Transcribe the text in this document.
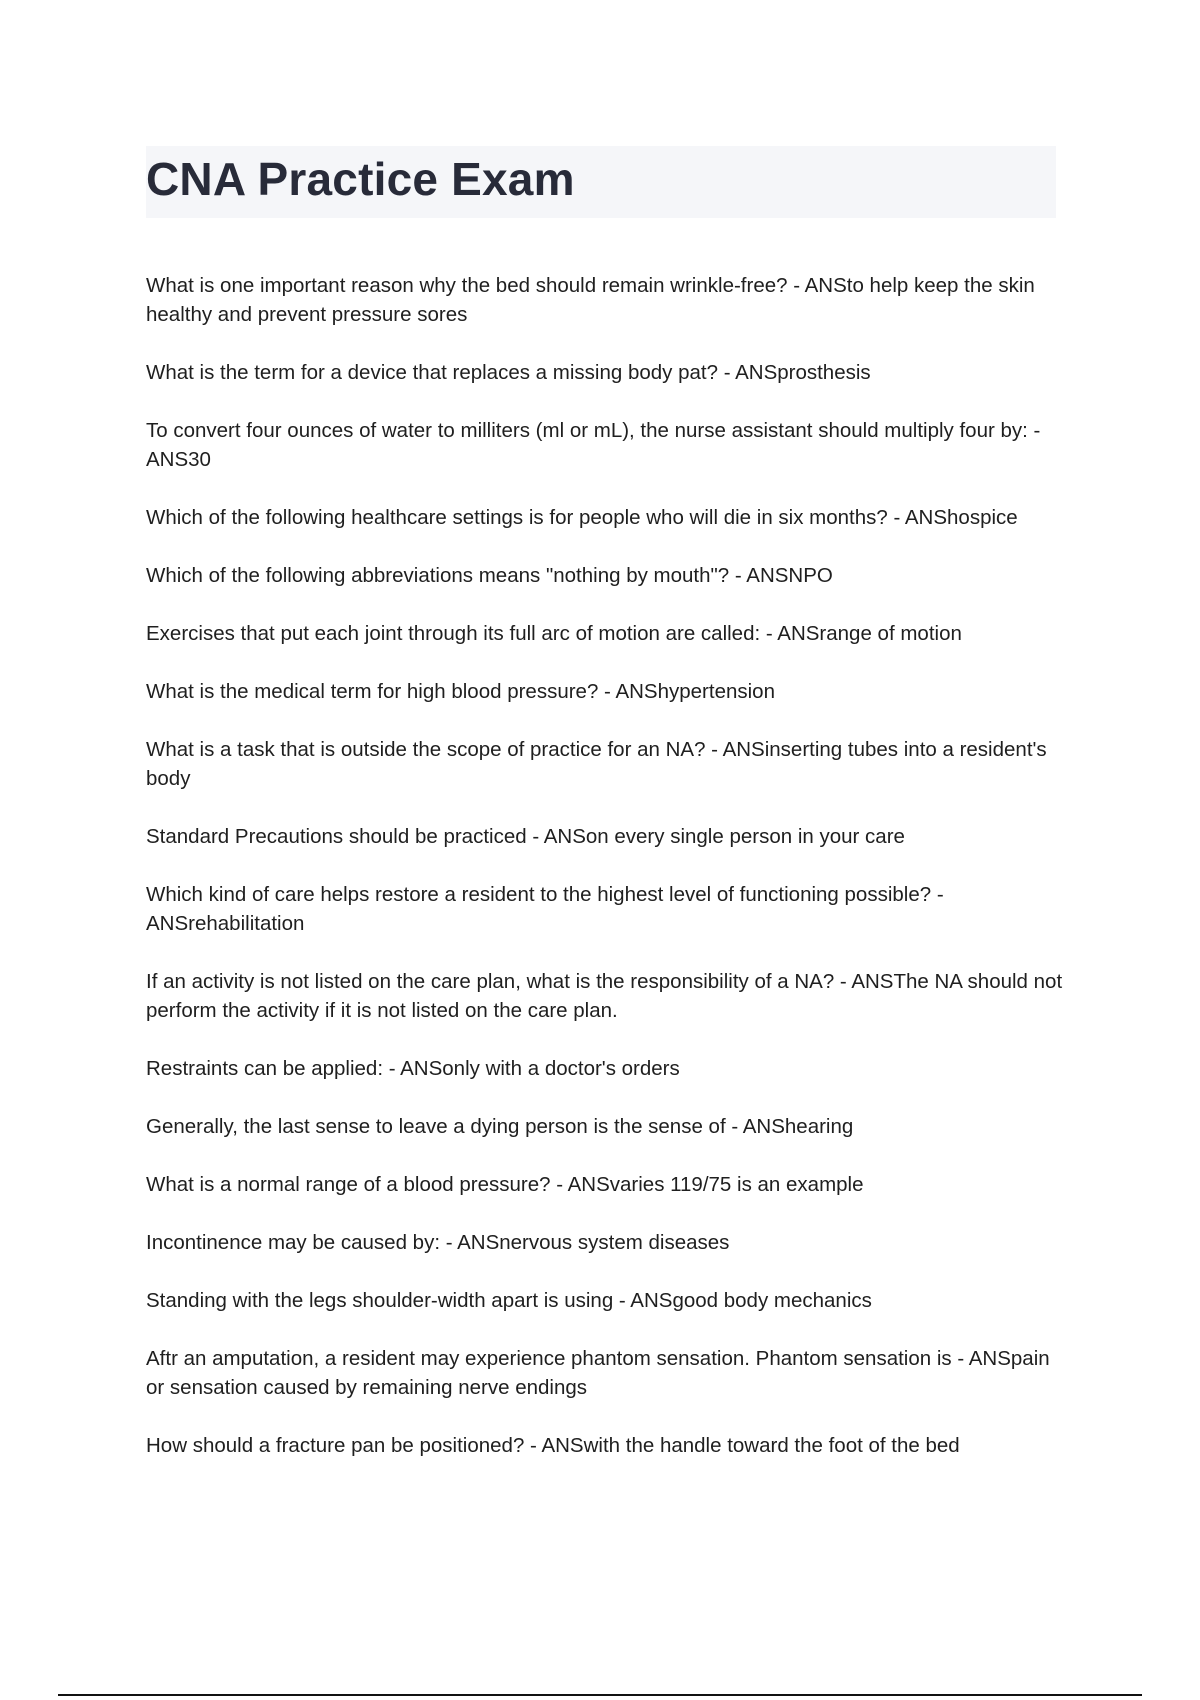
CNA Practice Exam
What is one important reason why the bed should remain wrinkle-free? - ANSto help keep the skin healthy and prevent pressure sores
What is the term for a device that replaces a missing body pat? - ANSprosthesis
To convert four ounces of water to milliters (ml or mL), the nurse assistant should multiply four by: - ANS30
Which of the following healthcare settings is for people who will die in six months? - ANShospice
Which of the following abbreviations means "nothing by mouth"? - ANSNPO
Exercises that put each joint through its full arc of motion are called: - ANSrange of motion
What is the medical term for high blood pressure? - ANShypertension
What is a task that is outside the scope of practice for an NA? - ANSinserting tubes into a resident's body
Standard Precautions should be practiced - ANSon every single person in your care
Which kind of care helps restore a resident to the highest level of functioning possible? - ANSrehabilitation
If an activity is not listed on the care plan, what is the responsibility of a NA? - ANSThe NA should not perform the activity if it is not listed on the care plan.
Restraints can be applied: - ANSonly with a doctor's orders
Generally, the last sense to leave a dying person is the sense of - ANShearing
What is a normal range of a blood pressure? - ANSvaries 119/75 is an example
Incontinence may be caused by: - ANSnervous system diseases
Standing with the legs shoulder-width apart is using - ANSgood body mechanics
Aftr an amputation, a resident may experience phantom sensation. Phantom sensation is - ANSpain or sensation caused by remaining nerve endings
How should a fracture pan be positioned? - ANSwith the handle toward the foot of the bed
